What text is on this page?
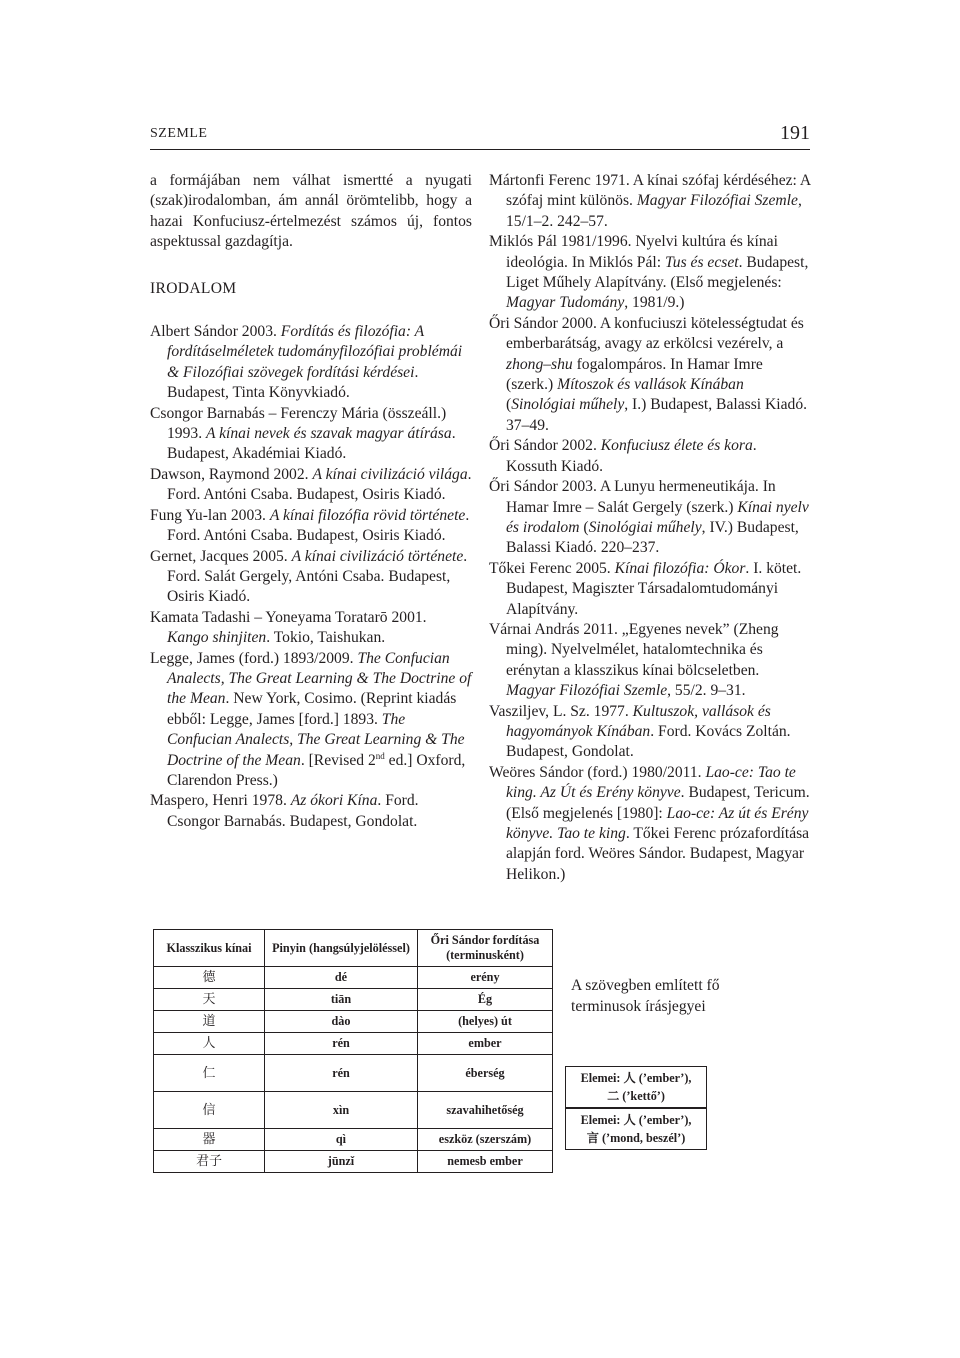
SZEMLE	191

a formájában nem válhat ismertté a nyugati (szak)irodalomban, ám annál örömtelibb, hogy a hazai Konfuciusz-értelmezést számos új, fontos aspektussal gazdagítja.

IRODALOM

Albert Sándor 2003. Fordítás és filozófia: A fordításelméletek tudományfilozófiai problémái & Filozófiai szövegek fordítási kérdései. Budapest, Tinta Könyvkiadó.

Csongor Barnabás – Ferenczy Mária (összeáll.) 1993. A kínai nevek és szavak magyar átírása. Budapest, Akadémiai Kiadó.

Dawson, Raymond 2002. A kínai civilizáció világa. Ford. Antóni Csaba. Budapest, Osiris Kiadó.

Fung Yu-lan 2003. A kínai filozófia rövid története. Ford. Antóni Csaba. Budapest, Osiris Kiadó.

Gernet, Jacques 2005. A kínai civilizáció története. Ford. Salát Gergely, Antóni Csaba. Budapest, Osiris Kiadó.

Kamata Tadashi – Yoneyama Toratarō 2001. Kango shinjiten. Tokio, Taishukan.

Legge, James (ford.) 1893/2009. The Confucian Analects, The Great Learning & The Doctrine of the Mean. New York, Cosimo. (Reprint kiadás ebből: Legge, James [ford.] 1893. The Confucian Analects, The Great Learning & The Doctrine of the Mean. [Revised 2nd ed.] Oxford, Clarendon Press.)

Maspero, Henri 1978. Az ókori Kína. Ford. Csongor Barnabás. Budapest, Gondolat.

Mártonfi Ferenc 1971. A kínai szófaj kérdéséhez: A szófaj mint különös. Magyar Filozófiai Szemle, 15/1–2. 242–57.

Miklós Pál 1981/1996. Nyelvi kultúra és kínai ideológia. In Miklós Pál: Tus és ecset. Budapest, Liget Műhely Alapítvány. (Első megjelenés: Magyar Tudomány, 1981/9.)

Őri Sándor 2000. A konfuciuszi kötelességtudat és emberbarátság, avagy az erkölcsi vezérelv, a zhong–shu fogalompáros. In Hamar Imre (szerk.) Mítoszok és vallások Kínában (Sinológiai műhely, I.) Budapest, Balassi Kiadó. 37–49.

Őri Sándor 2002. Konfuciusz élete és kora. Kossuth Kiadó.

Őri Sándor 2003. A Lunyu hermeneutikája. In Hamar Imre – Salát Gergely (szerk.) Kínai nyelv és irodalom (Sinológiai műhely, IV.) Budapest, Balassi Kiadó. 220–237.

Tőkei Ferenc 2005. Kínai filozófia: Ókor. I. kötet. Budapest, Magiszter Társadalomtudományi Alapítvány.

Várnai András 2011. „Egyenes nevek” (Zheng ming). Nyelvelmélet, hatalomtechnika és erénytan a klasszikus kínai bölcseletben. Magyar Filozófiai Szemle, 55/2. 9–31.

Vasziljev, L. Sz. 1977. Kultuszok, vallások és hagyományok Kínában. Ford. Kovács Zoltán. Budapest, Gondolat.

Weöres Sándor (ford.) 1980/2011. Lao-ce: Tao te king. Az Út és Erény könyve. Budapest, Tericum. (Első megjelenés [1980]: Lao-ce: Az út és Erény könyve. Tao te king. Tőkei Ferenc prózafordítása alapján ford. Weöres Sándor. Budapest, Magyar Helikon.)

Klasszikus kínai	Pinyin (hangsúlyjelöléssel)	Őri Sándor fordítása (terminusként)
德	dé	erény
天	tiān	Ég
道	dào	(helyes) út
人	rén	ember
仁	rén	éberség
信	xìn	szavahihetőség
器	qì	eszköz (szerszám)
君子	jūnzǐ	nemesb ember
A szövegben említett fő terminusok írásjegyei
Elemei: 人 (’ember’),
二 (’kettő’)
Elemei: 人 (’ember’),
言 (’mond, beszél’)
